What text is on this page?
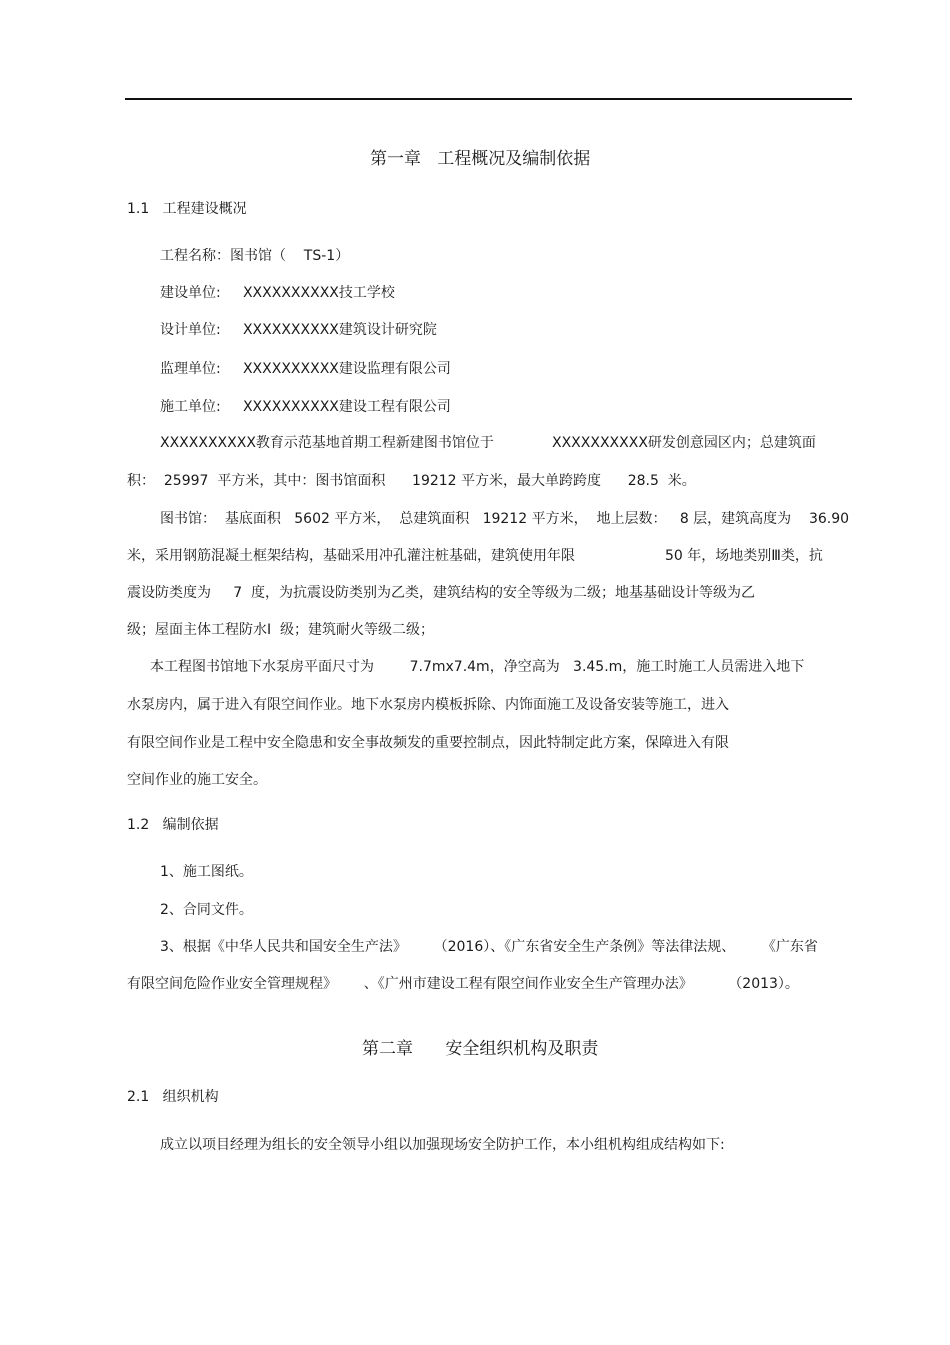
第一章   工程概况及编制依据
1.1   工程建设概况
工程名称：图书馆（    TS-1）
建设单位:     XXXXXXXXXX技工学校
设计单位:     XXXXXXXXXX建筑设计研究院
监理单位:     XXXXXXXXXX建设监理有限公司
施工单位:     XXXXXXXXXX建设工程有限公司
XXXXXXXXXX教育示范基地首期工程新建图书馆位于	XXXXXXXXXX研发创意园区内；总建筑面
积：  25997  平方米，其中：图书馆面积      19212 平方米，最大单跨跨度      28.5  米。
图书馆：  基底面积   5602 平方米，  总建筑面积   19212 平方米，  地上层数：   8 层，建筑高度为    36.90
米，采用钢筋混凝土框架结构，基础采用冲孔灌注桩基础，建筑使用年限	50 年，场地类别Ⅲ类，抗
震设防类度为     7  度，为抗震设防类别为乙类，建筑结构的安全等级为二级；地基基础设计等级为乙
级；屋面主体工程防水Ⅰ  级；建筑耐火等级二级；
本工程图书馆地下水泵房平面尺寸为        7.7mx7.4m，净空高为   3.45.m，施工时施工人员需进入地下
水泵房内，属于进入有限空间作业。地下水泵房内模板拆除、内饰面施工及设备安装等施工，进入
有限空间作业是工程中安全隐患和安全事故频发的重要控制点，因此特制定此方案，保障进入有限
空间作业的施工安全。
1.2   编制依据
1、施工图纸。
2、合同文件。
3、根据《中华人民共和国安全生产法》      （2016）、《广东省安全生产条例》等法律法规、      《广东省
有限空间危险作业安全管理规程》      、《广州市建设工程有限空间作业安全生产管理办法》        （2013）。
第二章      安全组织机构及职责
2.1   组织机构
成立以项目经理为组长的安全领导小组以加强现场安全防护工作，本小组机构组成结构如下:
